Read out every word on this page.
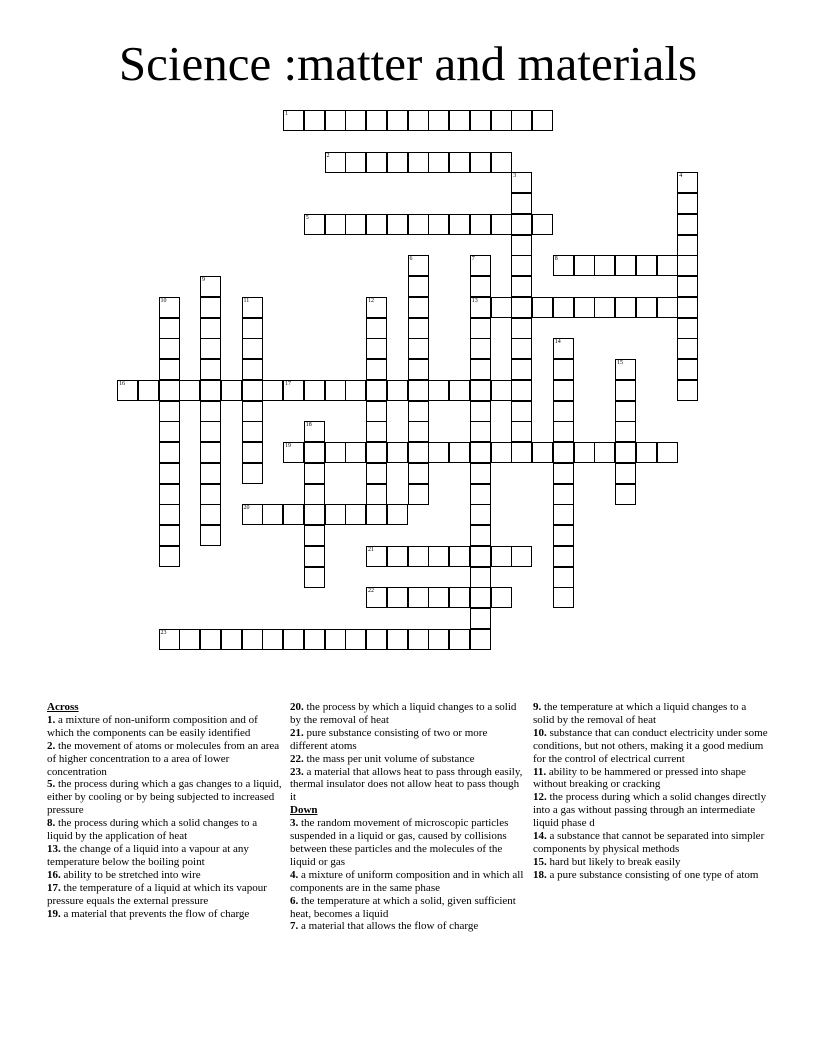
Science :matter and materials
1
2
3	4
5
6	7
13
8
9
10	11	12
14
15
16	17
18
19
20
21
22
23
Across

1. a mixture of non-uniform composition and of which the components can be easily identified

2. the movement of atoms or molecules from an area of higher concentration to a area of lower concentration

5. the process during which a gas changes to a liquid, either by cooling or by being subjected to increased pressure

8. the process during which a solid changes to a liquid by the application of heat

13. the change of a liquid into a vapour at any temperature below the boiling point

16. ability to be stretched into wire

17. the temperature of a liquid at which its vapour pressure equals the external pressure

19. a material that prevents the flow of charge

20. the process by which a liquid changes to a solid by the removal of heat

21. pure substance consisting of two or more different atoms

22. the mass per unit volume of substance

23. a material that allows heat to pass through easily, thermal insulator does not allow heat to pass though it

Down

3. the random movement of microscopic particles suspended in a liquid or gas, caused by collisions between these particles and the molecules of the liquid or gas

4. a mixture of uniform composition and in which all components are in the same phase

6. the temperature at which a solid, given sufficient heat, becomes a liquid

7. a material that allows the flow of charge

9. the temperature at which a liquid changes to a solid by the removal of heat

10. substance that can conduct electricity under some conditions, but not others, making it a good medium for the control of electrical current

11. ability to be hammered or pressed into shape without breaking or cracking

12. the process during which a solid changes directly into a gas without passing through an intermediate liquid phase d

14. a substance that cannot be separated into simpler components by physical methods

15. hard but likely to break easily

18. a pure substance consisting of one type of atom
